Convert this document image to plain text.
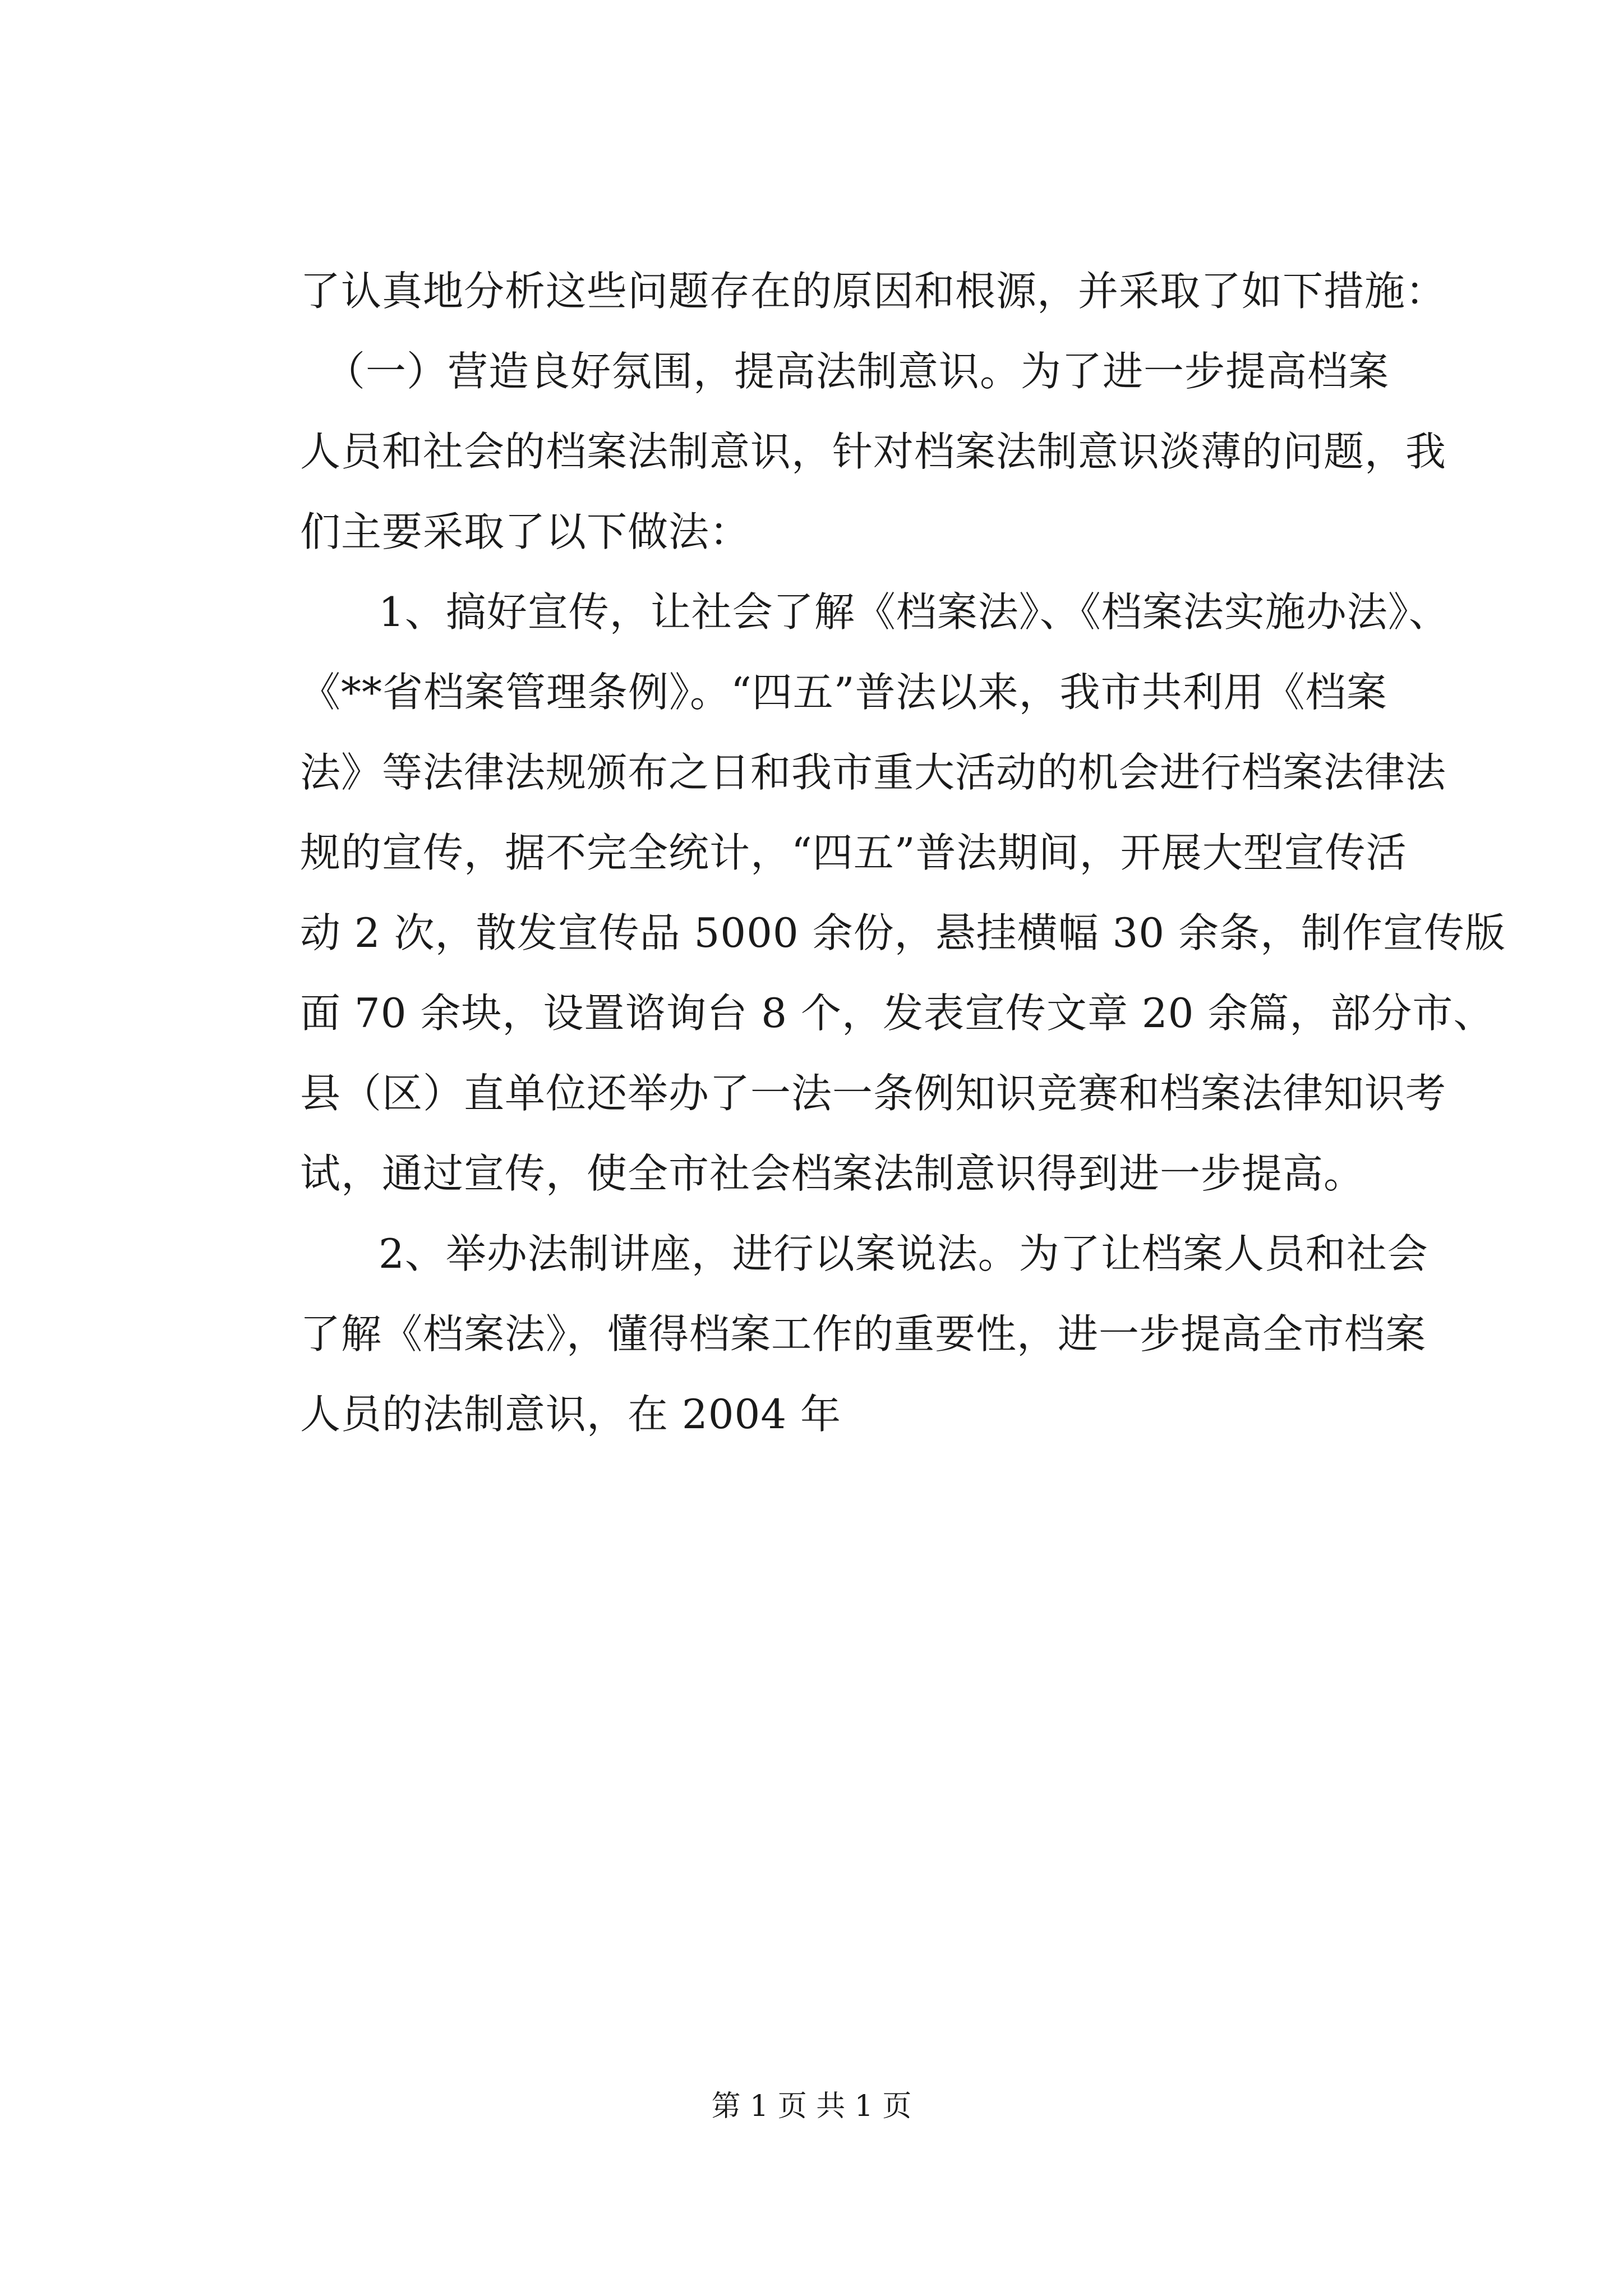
了认真地分析这些问题存在的原因和根源，并采取了如下措施：
（一）营造良好氛围，提高法制意识。为了进一步提高档案
人员和社会的档案法制意识，针对档案法制意识淡薄的问题，我
们主要采取了以下做法：
1、搞好宣传，让社会了解《档案法》、《档案法实施办法》、
《**省档案管理条例》。“四五”普法以来，我市共利用《档案
法》等法律法规颁布之日和我市重大活动的机会进行档案法律法
规的宣传，据不完全统计，“四五”普法期间，开展大型宣传活
动 2 次，散发宣传品 5000 余份，悬挂横幅 30 余条，制作宣传版
面 70 余块，设置谘询台 8 个，发表宣传文章 20 余篇，部分市、
县（区）直单位还举办了一法一条例知识竞赛和档案法律知识考
试，通过宣传，使全市社会档案法制意识得到进一步提高。
2、举办法制讲座，进行以案说法。为了让档案人员和社会
了解《档案法》，懂得档案工作的重要性，进一步提高全市档案
人员的法制意识，在 2004 年
第 1 页 共 1 页
